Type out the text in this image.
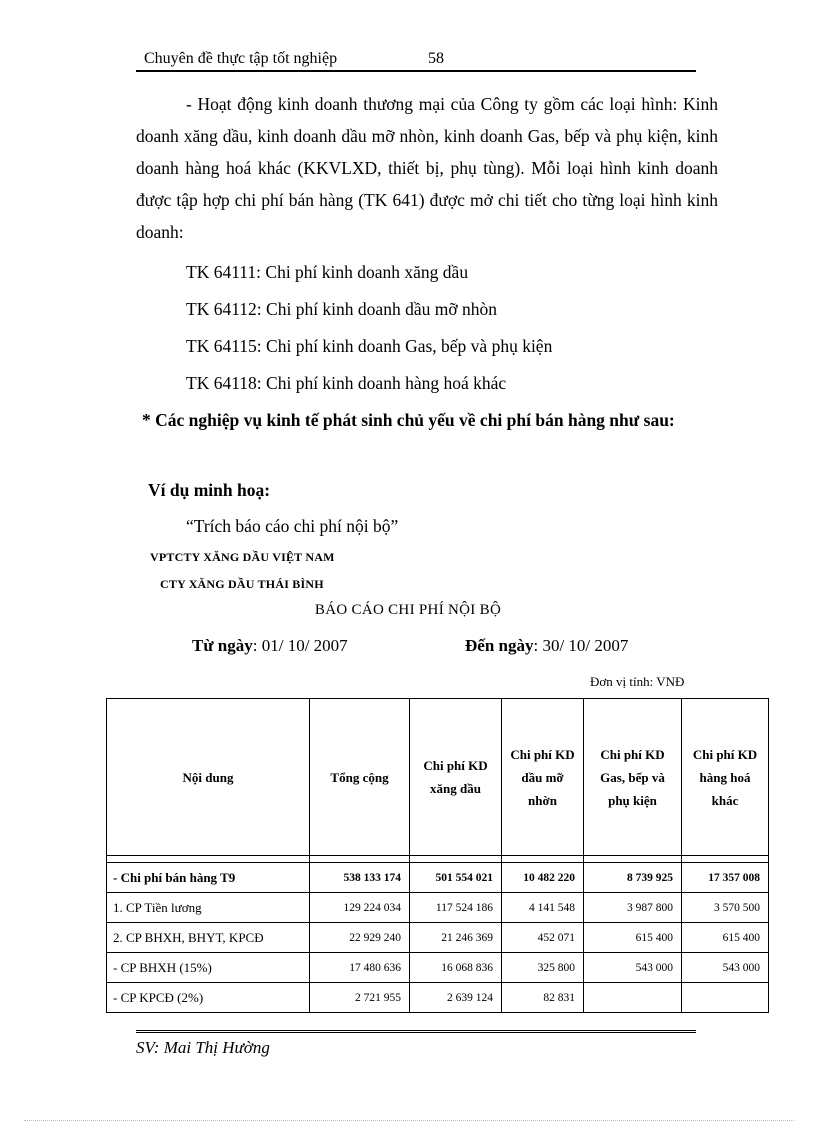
Chuyên đề thực tập tốt nghiệp	58
- Hoạt động kinh doanh thương mại của Công ty gồm các loại hình: Kinh doanh xăng dầu, kinh doanh dầu mỡ nhòn, kinh doanh Gas, bếp và phụ kiện, kinh doanh hàng hoá khác (KKVLXD, thiết bị, phụ tùng). Mỗi loại hình kinh doanh được tập hợp chi phí bán hàng (TK 641) được mở chi tiết cho từng loại hình kinh doanh:
TK 64111: Chi phí kinh doanh xăng dầu
TK 64112: Chi phí kinh doanh dầu mỡ nhòn
TK 64115: Chi phí kinh doanh Gas, bếp và phụ kiện
TK 64118: Chi phí kinh doanh hàng hoá khác
* Các nghiệp vụ kinh tế phát sinh chủ yếu về chi phí bán hàng như sau:
Ví dụ minh hoạ:
“Trích báo cáo chi phí nội bộ”
VPTCTY XĂNG DẦU VIỆT NAM
CTY XĂNG DẦU THÁI BÌNH
BÁO CÁO CHI PHÍ NỘI BỘ
Từ ngày: 01/ 10/ 2007	Đến ngày: 30/ 10/ 2007
Đơn vị tính: VNĐ
Nội dung	Tổng cộng	Chi phí KD xăng dầu	Chi phí KD dầu mỡ nhờn	Chi phí KD Gas, bếp và phụ kiện	Chi phí KD hàng hoá khác

- Chi phí bán hàng T9	538 133 174	501 554 021	10 482 220	8 739 925	17 357 008
1. CP Tiền lương	129 224 034	117 524 186	4 141 548	3 987 800	3 570 500
2. CP BHXH, BHYT, KPCĐ	22 929 240	21 246 369	452 071	615 400	615 400
- CP BHXH (15%)	17 480 636	16 068 836	325 800	543 000	543 000
- CP KPCĐ (2%)	2 721 955	2 639 124	82 831		
SV: Mai Thị Hường
